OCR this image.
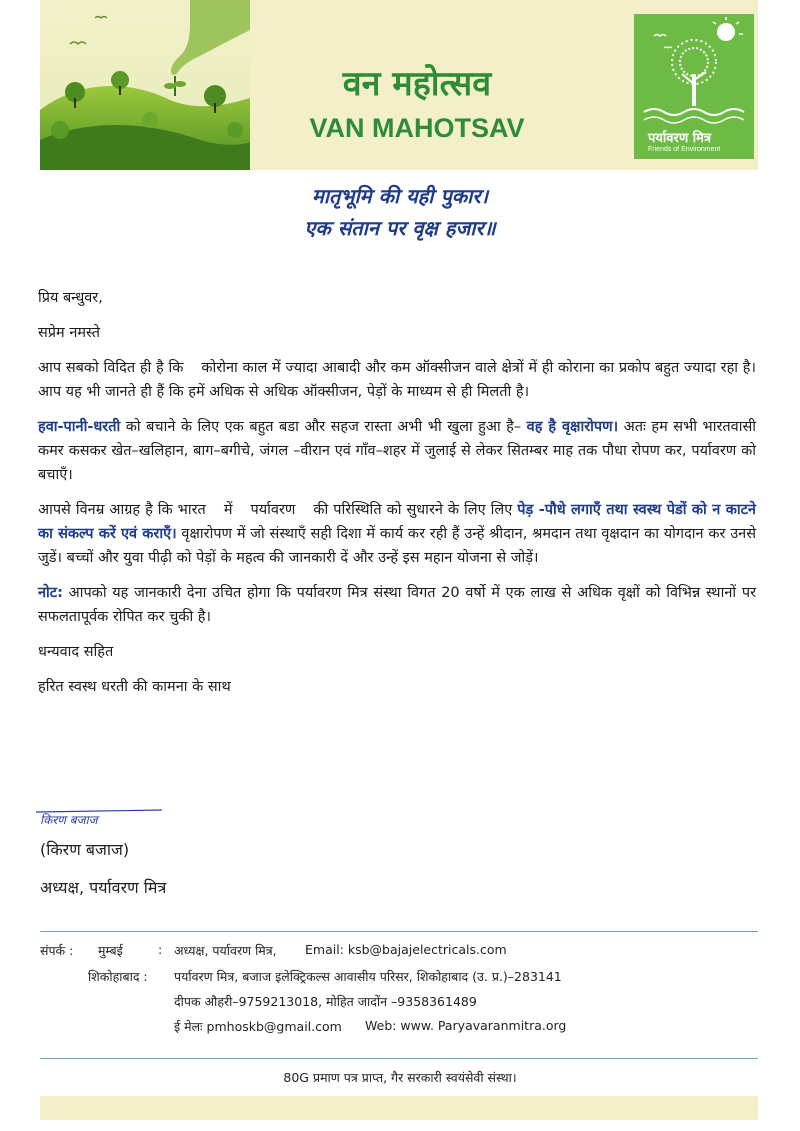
वन महोत्सव
VAN MAHOTSAV	पर्यावरण मित्र
Friends of Environment
मातृभूमि की यही पुकार।
एक संतान पर वृक्ष हजार॥

प्रिय बन्धुवर,

सप्रेम नमस्ते

आप सबको विदित ही है कि कोरोना काल में ज्यादा आबादी और कम ऑक्सीजन वाले क्षेत्रों में ही कोराना का प्रकोप बहुत ज्यादा रहा है। आप यह भी जानते ही हैं कि हमें अधिक से अधिक ऑक्सीजन, पेड़ों के माध्यम से ही मिलती है।

हवा-पानी-धरती को बचाने के लिए एक बहुत बडा और सहज रास्ता अभी भी खुला हुआ है– वह है वृक्षारोपण। अतः हम सभी भारतवासी कमर कसकर खेत–खलिहान, बाग–बगीचे, जंगल –वीरान एवं गाँव–शहर में जुलाई से लेकर सितम्बर माह तक पौधा रोपण कर, पर्यावरण को बचाएँ।

आपसे विनम्र आग्रह है कि भारत में पर्यावरण की परिस्थिति को सुधारने के लिए लिए पेड़ -पौधे लगाएँ तथा स्वस्थ पेडों को न काटने का संकल्प करें एवं कराएँ। वृक्षारोपण में जो संस्थाएँ सही दिशा में कार्य कर रही हैं उन्हें श्रीदान, श्रमदान तथा वृक्षदान का योगदान कर उनसे जुडें। बच्चों और युवा पीढ़ी को पेड़ों के महत्व की जानकारी दें और उन्हें इस महान योजना से जोड़ें।

नोट: आपको यह जानकारी देना उचित होगा कि पर्यावरण मित्र संस्था विगत 20 वर्षो में एक लाख से अधिक वृक्षों को विभिन्न स्थानों पर सफलतापूर्वक रोपित कर चुकी है।

धन्यवाद सहित

हरित स्वस्थ धरती की कामना के साथ

किरण बजाज
(किरण बजाज)
अध्यक्ष, पर्यावरण मित्र
संपर्क : मुम्बई	: अध्यक्ष, पर्यावरण मित्र, Email: ksb@bajajelectricals.com
शिकोहाबाद : पर्यावरण मित्र, बजाज इलेक्ट्रिकल्स आवासीय परिसर, शिकोहाबाद (उ. प्र.)–283141
दीपक औहरी–9759213018, मोहित जादोंन –9358361489
ई मेलः pmhoskb@gmail.com Web: www. Paryavaranmitra.org
80G प्रमाण पत्र प्राप्त, गैर सरकारी स्वयंसेवी संस्था।
